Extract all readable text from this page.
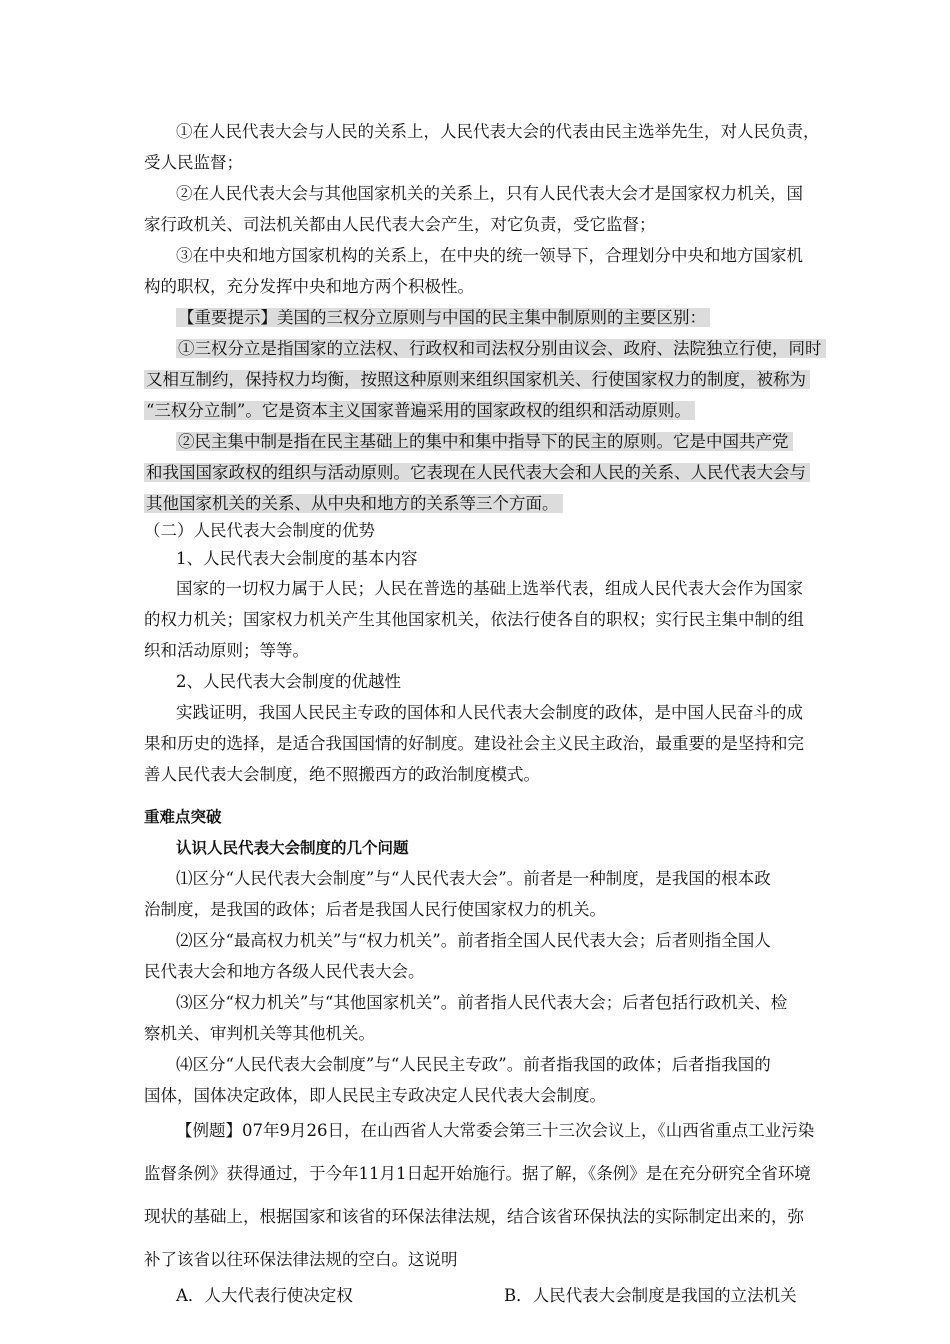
①在人民代表大会与人民的关系上，人民代表大会的代表由民主选举先生，对人民负责，
受人民监督；
②在人民代表大会与其他国家机关的关系上，只有人民代表大会才是国家权力机关，国
家行政机关、司法机关都由人民代表大会产生，对它负责，受它监督；
③在中央和地方国家机构的关系上，在中央的统一领导下，合理划分中央和地方国家机
构的职权，充分发挥中央和地方两个积极性。
【重要提示】美国的三权分立原则与中国的民主集中制原则的主要区别：
①三权分立是指国家的立法权、行政权和司法权分别由议会、政府、法院独立行使，同时
又相互制约，保持权力均衡，按照这种原则来组织国家机关、行使国家权力的制度，被称为
“三权分立制”。它是资本主义国家普遍采用的国家政权的组织和活动原则。
②民主集中制是指在民主基础上的集中和集中指导下的民主的原则。它是中国共产党
和我国国家政权的组织与活动原则。它表现在人民代表大会和人民的关系、人民代表大会与
其他国家机关的关系、从中央和地方的关系等三个方面。
（二）人民代表大会制度的优势
1、人民代表大会制度的基本内容
国家的一切权力属于人民；人民在普选的基础上选举代表，组成人民代表大会作为国家
的权力机关；国家权力机关产生其他国家机关，依法行使各自的职权；实行民主集中制的组
织和活动原则；等等。
2、人民代表大会制度的优越性
实践证明，我国人民民主专政的国体和人民代表大会制度的政体，是中国人民奋斗的成
果和历史的选择，是适合我国国情的好制度。建设社会主义民主政治，最重要的是坚持和完
善人民代表大会制度，绝不照搬西方的政治制度模式。
重难点突破
认识人民代表大会制度的几个问题
⑴区分“人民代表大会制度”与“人民代表大会”。前者是一种制度，是我国的根本政
治制度，是我国的政体；后者是我国人民行使国家权力的机关。
⑵区分“最高权力机关”与“权力机关”。前者指全国人民代表大会；后者则指全国人
民代表大会和地方各级人民代表大会。
⑶区分“权力机关”与“其他国家机关”。前者指人民代表大会；后者包括行政机关、检
察机关、审判机关等其他机关。
⑷区分“人民代表大会制度”与“人民民主专政”。前者指我国的政体；后者指我国的
国体，国体决定政体，即人民民主专政决定人民代表大会制度。
【例题】07年9月26日，在山西省人大常委会第三十三次会议上，《山西省重点工业污染
监督条例》获得通过，于今年11月1日起开始施行。据了解，《条例》是在充分研究全省环境
现状的基础上，根据国家和该省的环保法律法规，结合该省环保执法的实际制定出来的，弥
补了该省以往环保法律法规的空白。这说明
A．人大代表行使决定权	B．人民代表大会制度是我国的立法机关
